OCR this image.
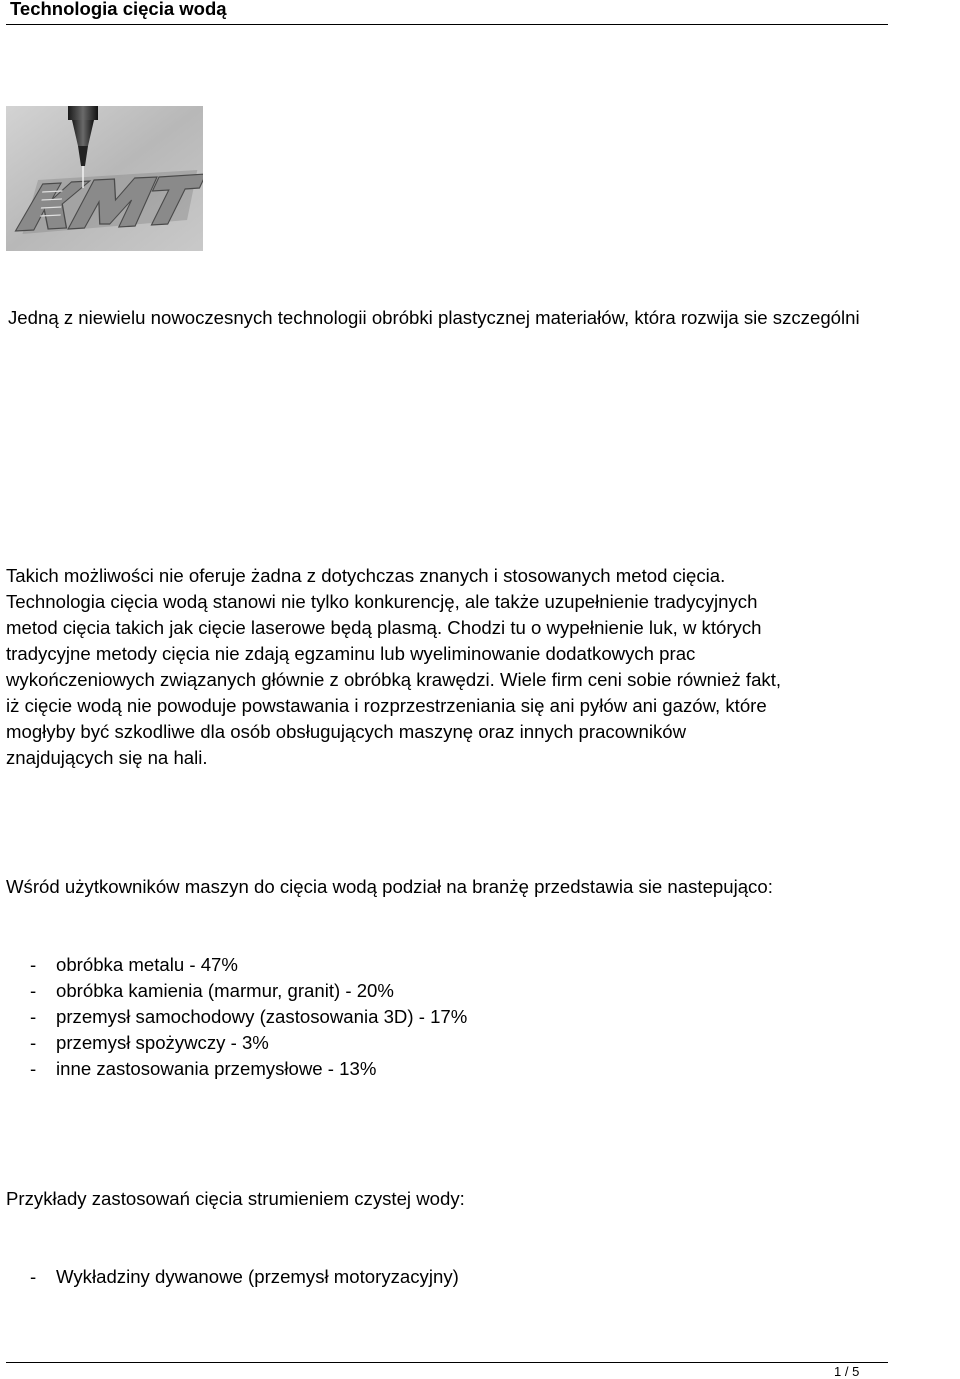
Technologia cięcia wodą
Jedną z niewielu nowoczesnych technologii obróbki plastycznej materiałów, która rozwija sie szczególni

Takich możliwości nie oferuje żadna z dotychczas znanych i stosowanych metod cięcia.
Technologia cięcia wodą stanowi nie tylko konkurencję, ale także uzupełnienie tradycyjnych
metod cięcia takich jak cięcie laserowe będą plasmą. Chodzi tu o wypełnienie luk, w których
tradycyjne metody cięcia nie zdają egzaminu lub wyeliminowanie dodatkowych prac
wykończeniowych związanych głównie z obróbką krawędzi. Wiele firm ceni sobie również fakt,
iż cięcie wodą nie powoduje powstawania i rozprzestrzeniania się ani pyłów ani gazów, które
mogłyby być szkodliwe dla osób obsługujących maszynę oraz innych pracowników
znajdujących się na hali.

Wśród użytkowników maszyn do cięcia wodą podział na branżę przedstawia sie nastepująco:
- obróbka metalu - 47%
- obróbka kamienia (marmur, granit) - 20%
- przemysł samochodowy (zastosowania 3D) - 17%
- przemysł spożywczy - 3%
- inne zastosowania przemysłowe - 13%
Przykłady zastosowań cięcia strumieniem czystej wody:
- Wykładziny dywanowe (przemysł motoryzacyjny)
1 / 5
